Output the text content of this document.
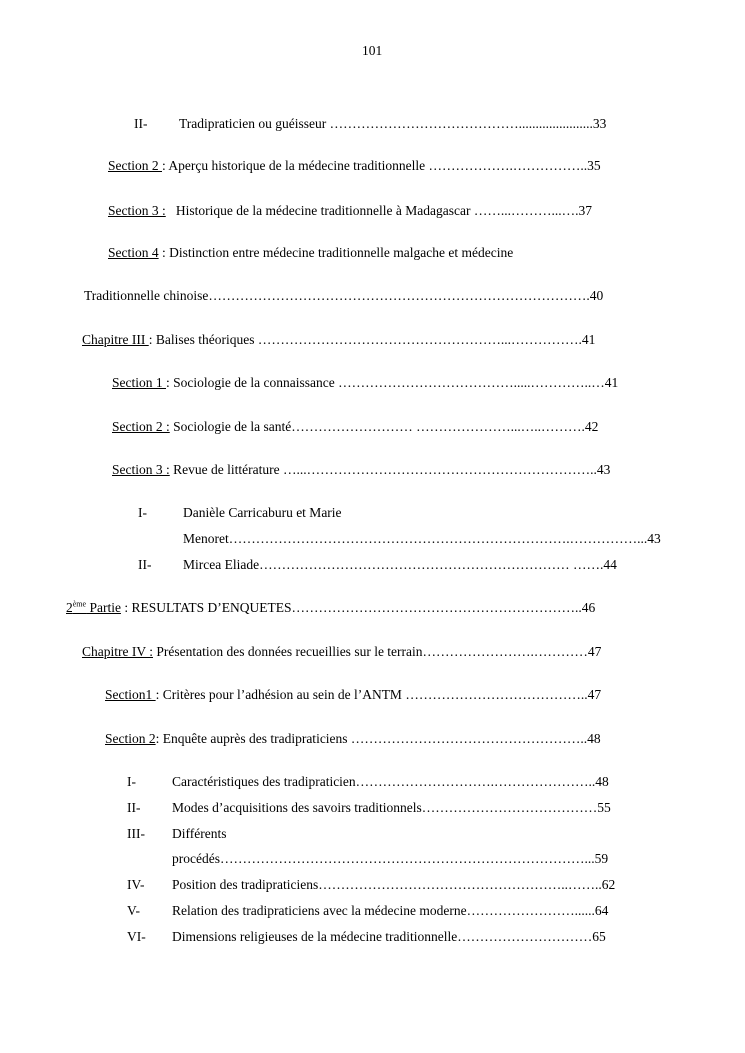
101
II- Tradipraticien ou guéisseur ……………………………………......................33
Section 2 : Aperçu historique de la médecine traditionnelle ……………….……………..35
Section 3 :   Historique de la médecine traditionnelle à Madagascar ……...………...….37
Section 4 : Distinction entre médecine traditionnelle malgache et médecine
Traditionnelle chinoise………………………………………………………………………….40
Chapitre III : Balises théoriques ………………………………………………...…………….41
Section 1 : Sociologie de la connaissance ………………………………….....…………..…41
Section 2 : Sociologie de la santé……………………… …………………...…..……….42
Section 3 : Revue de littérature …...………………………………………………………..43
I-	Danièle Carricaburu et Marie
Menoret………………………………………………………………….……………...43
II- Mircea Eliade…………………………………………………………… …….44
2ème Partie : RESULTATS D’ENQUETES………………………………………………………..46
Chapitre IV : Présentation des données recueillies sur le terrain…………………….…………47
Section1 : Critères pour l’adhésion au sein de l’ANTM …………………………………..47
Section 2: Enquête auprès des tradipraticiens ……………………………………………..48
I-	Caractéristiques des tradipraticien………………………….…………………..48
II- Modes d’acquisitions des savoirs traditionnels…………………………………55
III- Différents
procédés………………………………………………………………………...59
IV- Position des tradipraticiens………………………………………………..……..62
V- Relation des tradipraticiens avec la médecine moderne……………………......64
VI- Dimensions religieuses de la médecine traditionnelle…………………………65
